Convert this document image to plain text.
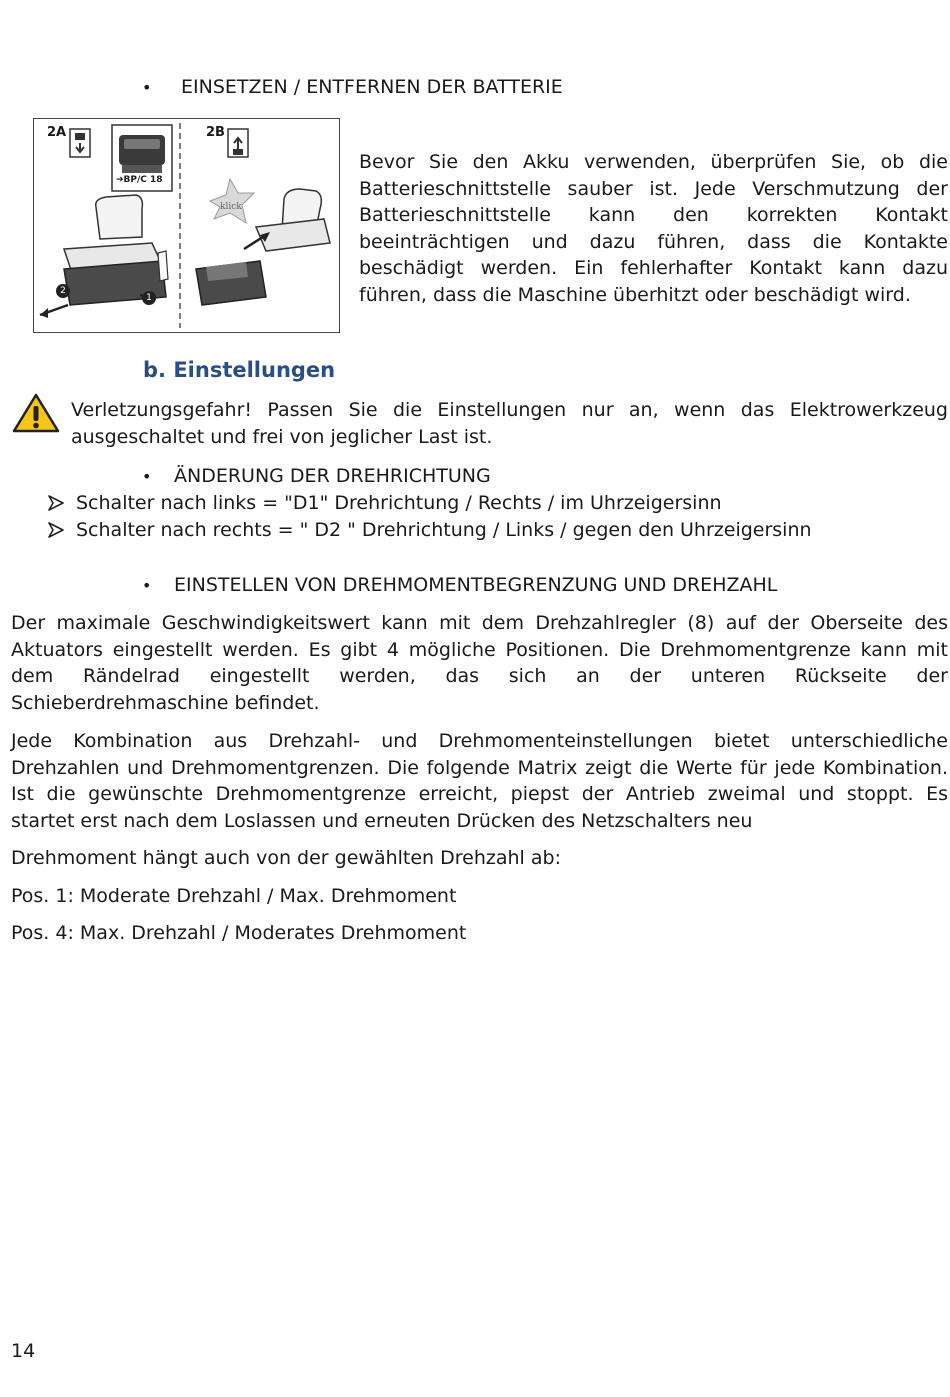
• EINSETZEN / ENTFERNEN DER BATTERIE
2A	2B
➔BP/C 18
klick
1
2
Bevor Sie den Akku verwenden, überprüfen Sie, ob die
Batterieschnittstelle sauber ist. Jede Verschmutzung der
Batterieschnittstelle kann den korrekten Kontakt
beeinträchtigen und dazu führen, dass die Kontakte
beschädigt werden. Ein fehlerhafter Kontakt kann dazu
führen, dass die Maschine überhitzt oder beschädigt wird.
b. Einstellungen
Verletzungsgefahr! Passen Sie die Einstellungen nur an, wenn das Elektrowerkzeug
ausgeschaltet und frei von jeglicher Last ist.
• ÄNDERUNG DER DREHRICHTUNG
Schalter nach links = "D1" Drehrichtung / Rechts / im Uhrzeigersinn
Schalter nach rechts = " D2 " Drehrichtung / Links / gegen den Uhrzeigersinn
• EINSTELLEN VON DREHMOMENTBEGRENZUNG UND DREHZAHL
Der maximale Geschwindigkeitswert kann mit dem Drehzahlregler (8) auf der Oberseite des
Aktuators eingestellt werden. Es gibt 4 mögliche Positionen. Die Drehmomentgrenze kann mit
dem Rändelrad eingestellt werden, das sich an der unteren Rückseite der
Schieberdrehmaschine befindet.
Jede Kombination aus Drehzahl- und Drehmomenteinstellungen bietet unterschiedliche
Drehzahlen und Drehmomentgrenzen. Die folgende Matrix zeigt die Werte für jede Kombination.
Ist die gewünschte Drehmomentgrenze erreicht, piepst der Antrieb zweimal und stoppt. Es
startet erst nach dem Loslassen und erneuten Drücken des Netzschalters neu
Drehmoment hängt auch von der gewählten Drehzahl ab:
Pos. 1: Moderate Drehzahl / Max. Drehmoment
Pos. 4: Max. Drehzahl / Moderates Drehmoment
14
